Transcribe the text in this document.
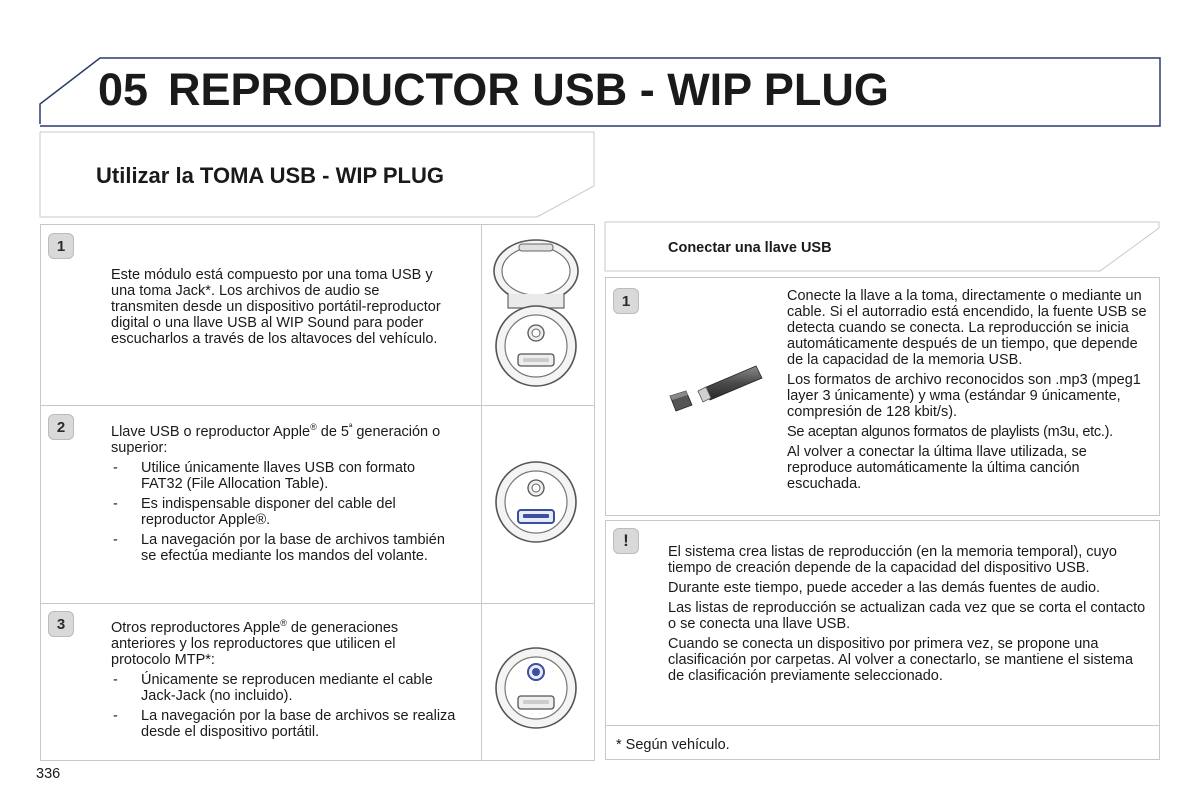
05 REPRODUCTOR USB - WIP PLUG
Utilizar la TOMA USB - WIP PLUG
1

Este módulo está compuesto por una toma USB y una toma Jack*. Los archivos de audio se transmiten desde un dispositivo portátil-reproductor digital o una llave USB al WIP Sound para poder escucharlos a través de los altavoces del vehículo.

2	Llave USB o reproductor Apple® de $5^ª$ generación o superior:

- Utilice únicamente llaves USB con formato FAT32 (File Allocation Table).
- Es indispensable disponer del cable del reproductor Apple®.
- La navegación por la base de archivos también se efectúa mediante los mandos del volante.
3	Otros reproductores Apple® de generaciones anteriores y los reproductores que utilicen el protocolo MTP*:

- Únicamente se reproducen mediante el cable Jack-Jack (no incluido).
- La navegación por la base de archivos se realiza desde el dispositivo portátil.
Conectar una llave USB
1	Conecte la llave a la toma, directamente o mediante un cable. Si el autorradio está encendido, la fuente USB se detecta cuando se conecta. La reproducción se inicia automáticamente después de un tiempo, que depende de la capacidad de la memoria USB.

Los formatos de archivo reconocidos son .mp3 (mpeg1 layer 3 únicamente) y wma (estándar 9 únicamente, compresión de 128 kbit/s).

Se aceptan algunos formatos de playlists (m3u, etc.).

Al volver a conectar la última llave utilizada, se reproduce automáticamente la última canción escuchada.

!

El sistema crea listas de reproducción (en la memoria temporal), cuyo tiempo de creación depende de la capacidad del dispositivo USB.

Durante este tiempo, puede acceder a las demás fuentes de audio.

Las listas de reproducción se actualizan cada vez que se corta el contacto o se conecta una llave USB.

Cuando se conecta un dispositivo por primera vez, se propone una clasificación por carpetas. Al volver a conectarlo, se mantiene el sistema de clasificación previamente seleccionado.

* Según vehículo.
336
